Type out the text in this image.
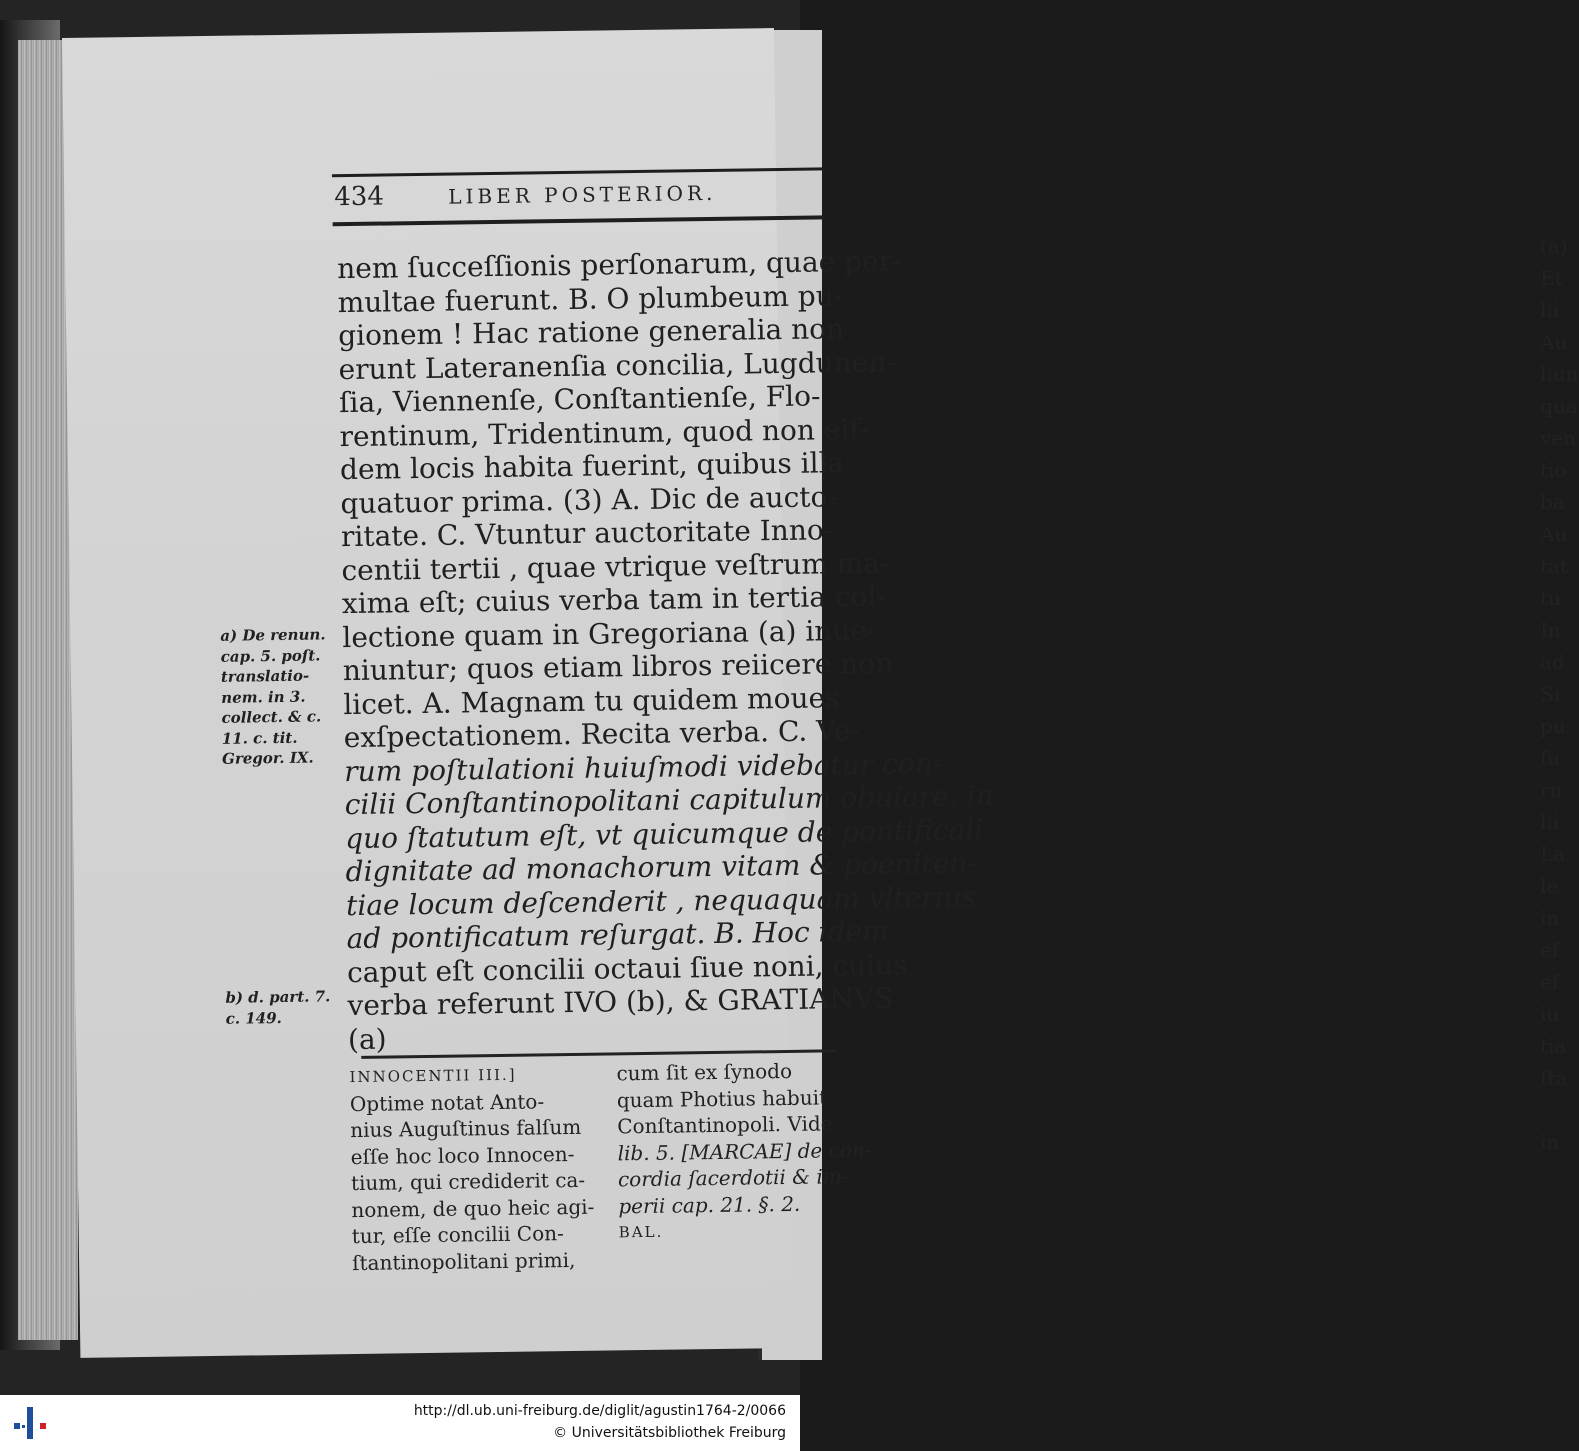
(a)
Et
lii
Au
liun
qua
ven
tio
ba
Au
tat
tu
In
ad
Si
pu
ſu
ru
lii
La
le
in
eſ
eſ
iu
tia
ſta

in
434	LIBER POSTERIOR.
nem ſucceſſionis perſonarum, quae per-
multae fuerunt. B. O plumbeum pu-
gionem ! Hac ratione generalia non
erunt Lateranenſia concilia, Lugdunen-
ſia, Viennenſe, Conſtantienſe, Flo-
rentinum, Tridentinum, quod non eiſ-
dem locis habita fuerint, quibus illa
quatuor prima. (3) A. Dic de aucto-
ritate. C. Vtuntur auctoritate Inno-
centii tertii , quae vtrique veſtrum ma-
xima eſt; cuius verba tam in tertia col-
lectione quam in Gregoriana (a) inue-
niuntur; quos etiam libros reiicere non
licet. A. Magnam tu quidem moues
exſpectationem. Recita verba. C. Ve-
rum poſtulationi huiuſmodi videbatur con-
cilii Conſtantinopolitani capitulum obuiare, in
quo ſtatutum eſt, vt quicumque de pontificali
dignitate ad monachorum vitam & poeniten-
tiae locum deſcenderit , nequaquam vlterius
ad pontificatum reſurgat. B. Hoc idem
caput eſt concilii octaui ſiue noni, cuius
verba referunt IVO (b), & GRATIANVS
(a)
a) De renun.
cap. 5. poſt.
translatio-
nem. in 3.
collect. & c.
11. c. tit.
Gregor. IX.
b) d. part. 7.
c. 149.
INNOCENTII III.]
Optime notat Anto-
nius Auguſtinus falſum
eſſe hoc loco Innocen-
tium, qui crediderit ca-
nonem, de quo heic agi-
tur, eſſe concilii Con-
ſtantinopolitani primi,
cum ſit ex ſynodo
quam Photius habuit
Conſtantinopoli. Vide
lib. 5. [MARCAE] de con-
cordia ſacerdotii & im-
perii cap. 21. §. 2.
BAL.
http://dl.ub.uni-freiburg.de/diglit/agustin1764-2/0066
© Universitätsbibliothek Freiburg
